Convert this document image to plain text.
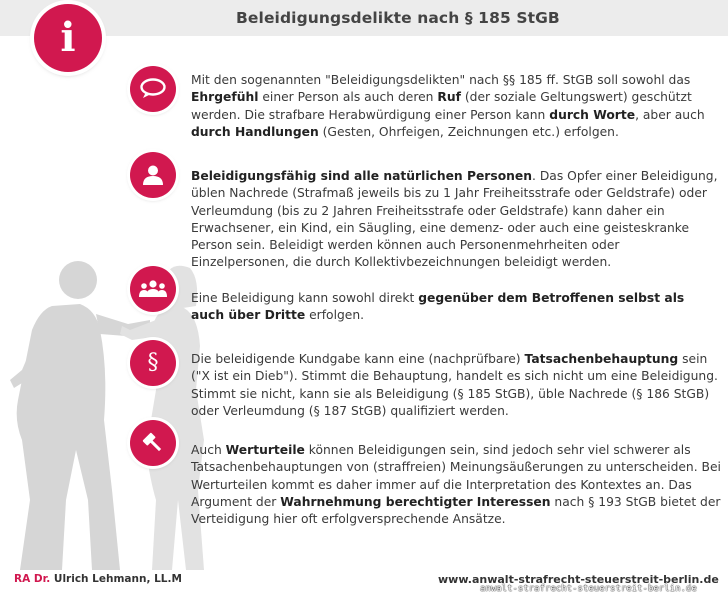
Beleidigungsdelikte nach § 185 StGB
i
Mit den sogenannten "Beleidigungsdelikten" nach §§ 185 ff. StGB soll sowohl das Ehrgefühl einer Person als auch deren Ruf (der soziale Geltungswert) geschützt werden. Die strafbare Herabwürdigung einer Person kann durch Worte, aber auch durch Handlungen (Gesten, Ohrfeigen, Zeichnungen etc.) erfolgen.
Beleidigungsfähig sind alle natürlichen Personen. Das Opfer einer Beleidigung, üblen Nachrede (Strafmaß jeweils bis zu 1 Jahr Freiheitsstrafe oder Geldstrafe) oder Verleumdung (bis zu 2 Jahren Freiheitsstrafe oder Geldstrafe) kann daher ein Erwachsener, ein Kind, ein Säugling, eine demenz- oder auch eine geisteskranke Person sein. Beleidigt werden können auch Personenmehrheiten oder Einzelpersonen, die durch Kollektivbezeichnungen beleidigt werden.
Eine Beleidigung kann sowohl direkt gegenüber dem Betroffenen selbst als auch über Dritte erfolgen.
§	Die beleidigende Kundgabe kann eine (nachprüfbare) Tatsachenbehauptung sein ("X ist ein Dieb"). Stimmt die Behauptung, handelt es sich nicht um eine Beleidigung. Stimmt sie nicht, kann sie als Beleidigung (§ 185 StGB), üble Nachrede (§ 186 StGB) oder Verleumdung (§ 187 StGB) qualifiziert werden.
Auch Werturteile können Beleidigungen sein, sind jedoch sehr viel schwerer als Tatsachenbehauptungen von (straffreien) Meinungsäußerungen zu unterscheiden. Bei Werturteilen kommt es daher immer auf die Interpretation des Kontextes an. Das Argument der Wahrnehmung berechtigter Interessen nach § 193 StGB bietet der Verteidigung hier oft erfolgversprechende Ansätze.
RA Dr. Ulrich Lehmann, LL.M	www.anwalt-strafrecht-steuerstreit-berlin.de
anwalt-strafrecht-steuerstreit-berlin.de
